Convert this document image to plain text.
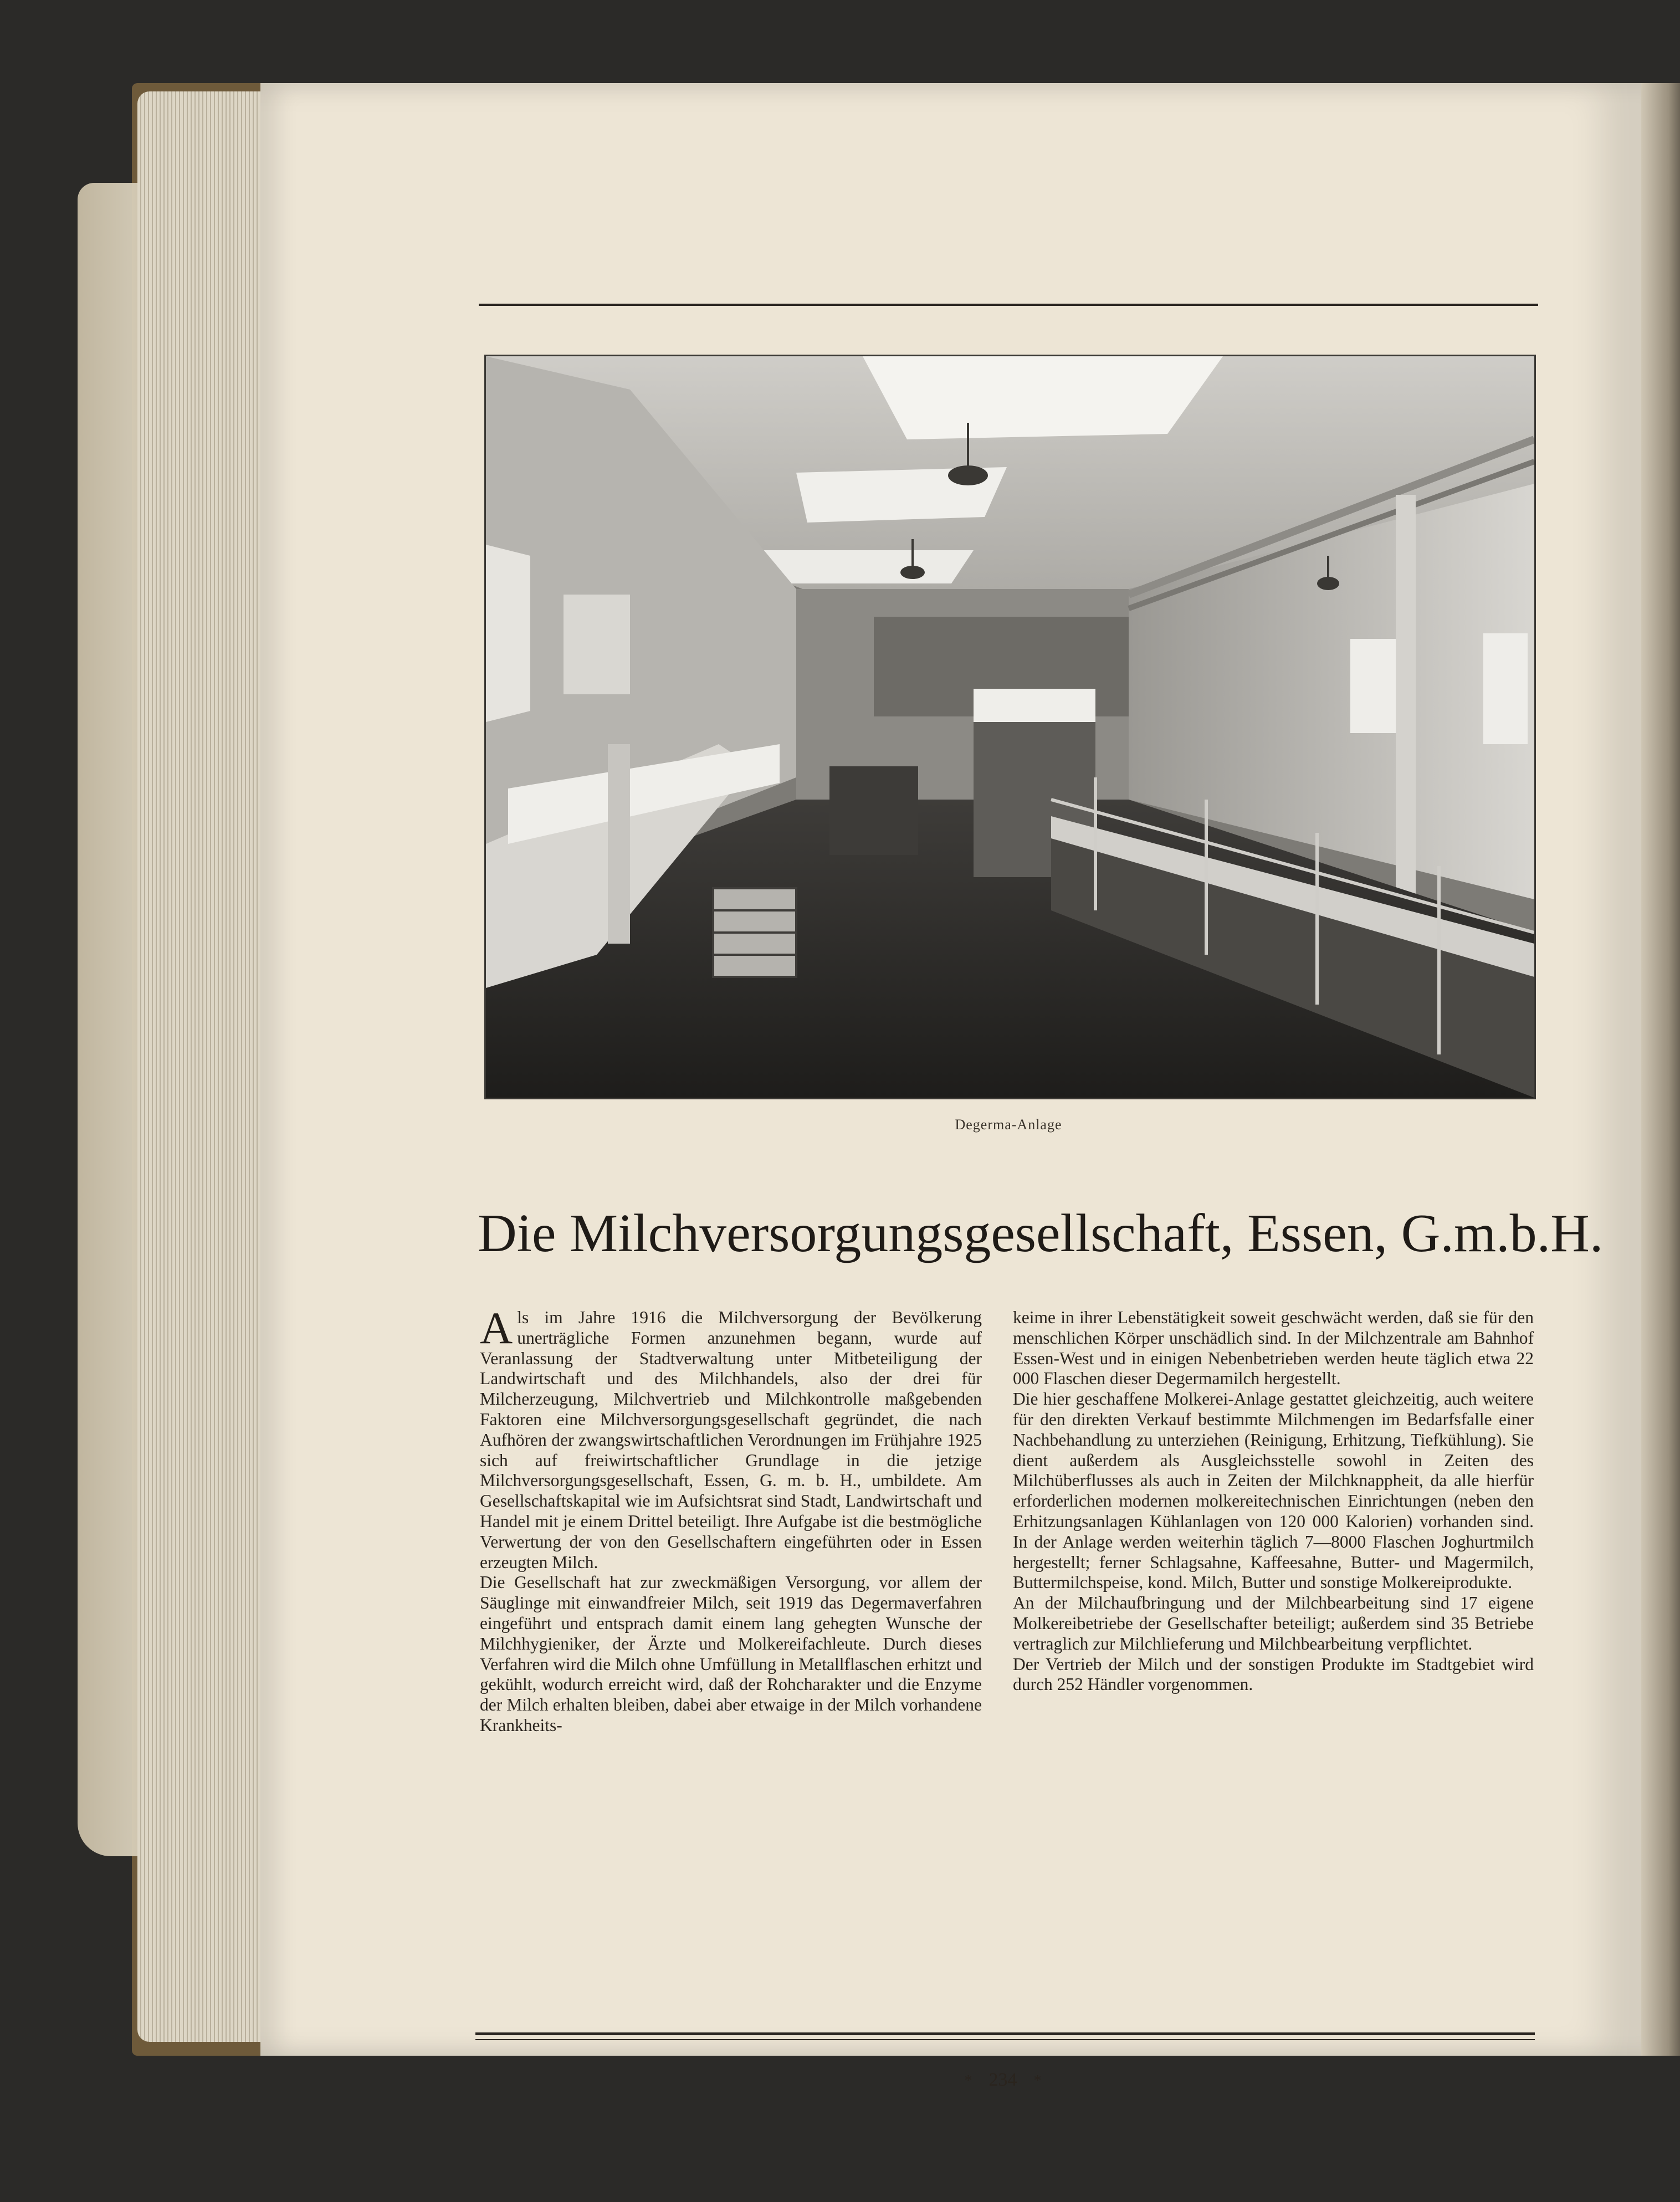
Degerma-Anlage
Die Milchversorgungsgesellschaft, Essen, G.m.b.H.

Als im Jahre 1916 die Milchversorgung der Bevölkerung unerträgliche Formen anzunehmen begann, wurde auf Veranlassung der Stadtverwaltung unter Mitbeteiligung der Landwirtschaft und des Milchhandels, also der drei für Milcherzeugung, Milchvertrieb und Milchkontrolle maßgebenden Faktoren eine Milchversorgungsgesellschaft gegründet, die nach Aufhören der zwangswirtschaftlichen Verordnungen im Frühjahre 1925 sich auf freiwirtschaftlicher Grundlage in die jetzige Milchversorgungsgesellschaft, Essen, G. m. b. H., umbildete. Am Gesellschaftskapital wie im Aufsichtsrat sind Stadt, Landwirtschaft und Handel mit je einem Drittel beteiligt. Ihre Aufgabe ist die bestmögliche Verwertung der von den Gesellschaftern eingeführten oder in Essen erzeugten Milch.

Die Gesellschaft hat zur zweckmäßigen Versorgung, vor allem der Säuglinge mit einwandfreier Milch, seit 1919 das Degermaverfahren eingeführt und entsprach damit einem lang gehegten Wunsche der Milchhygieniker, der Ärzte und Molkereifachleute. Durch dieses Verfahren wird die Milch ohne Umfüllung in Metallflaschen erhitzt und gekühlt, wodurch erreicht wird, daß der Rohcharakter und die Enzyme der Milch erhalten bleiben, dabei aber etwaige in der Milch vorhandene Krankheits-

keime in ihrer Lebenstätigkeit soweit geschwächt werden, daß sie für den menschlichen Körper unschädlich sind. In der Milchzentrale am Bahnhof Essen-West und in einigen Nebenbetrieben werden heute täglich etwa 22 000 Flaschen dieser Degermamilch hergestellt.

Die hier geschaffene Molkerei-Anlage gestattet gleichzeitig, auch weitere für den direkten Verkauf bestimmte Milchmengen im Bedarfsfalle einer Nachbehandlung zu unterziehen (Reinigung, Erhitzung, Tiefkühlung). Sie dient außerdem als Ausgleichsstelle sowohl in Zeiten des Milchüberflusses als auch in Zeiten der Milchknappheit, da alle hierfür erforderlichen modernen molkereitechnischen Einrichtungen (neben den Erhitzungsanlagen Kühlanlagen von 120 000 Kalorien) vorhanden sind. In der Anlage werden weiterhin täglich 7—8000 Flaschen Joghurtmilch hergestellt; ferner Schlagsahne, Kaffeesahne, Butter- und Magermilch, Buttermilchspeise, kond. Milch, Butter und sonstige Molkereiprodukte.

An der Milchaufbringung und der Milchbearbeitung sind 17 eigene Molkereibetriebe der Gesellschafter beteiligt; außerdem sind 35 Betriebe vertraglich zur Milchlieferung und Milchbearbeitung verpflichtet.

Der Vertrieb der Milch und der sonstigen Produkte im Stadtgebiet wird durch 252 Händler vorgenommen.

* 234 *
